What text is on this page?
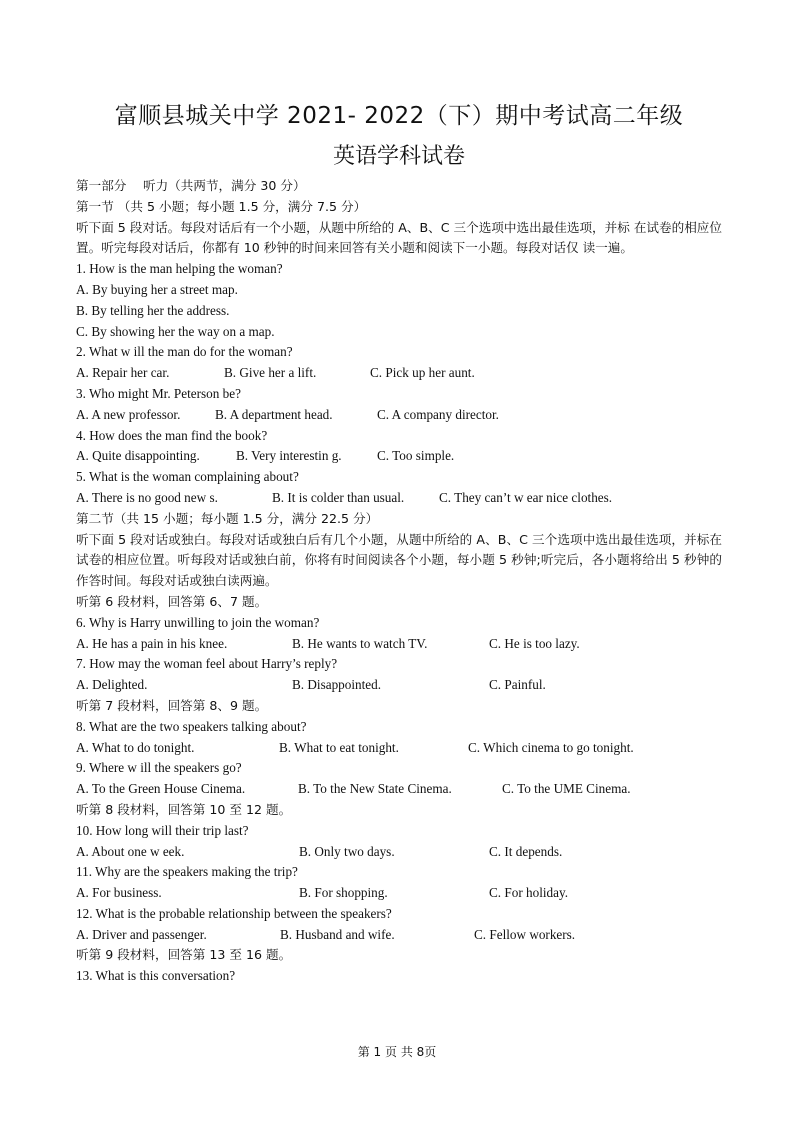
富顺县城关中学 2021- 2022（下）期中考试高二年级
英语学科试卷
第一部分　 听力（共两节，满分 30 分）
第一节 （共 5 小题；每小题 1.5 分，满分 7.5 分）
听下面 5 段对话。每段对话后有一个小题，从题中所给的 A、B、C 三个选项中选出最佳选项，并标 在试卷的相应位置。听完每段对话后，你都有 10 秒钟的时间来回答有关小题和阅读下一小题。每段对话仅 读一遍。
1. How is the man helping the woman?
A. By buying her a street map.
B. By telling her the address.
C. By showing her the way on a map.
2. What w ill the man do for the woman?
A. Repair her car.	B. Give her a lift.	C. Pick up her aunt.
3. Who might Mr. Peterson be?
A. A new professor.	B. A department head.	C. A company director.
4. How does the man find the book?
A. Quite disappointing.	B. Very interestin g.	C. Too simple.
5. What is the woman complaining about?
A. There is no good new s.	B. It is colder than usual.	C. They can’t w ear nice clothes.
第二节（共 15 小题；每小题 1.5 分，满分 22.5 分）
听下面 5 段对话或独白。每段对话或独白后有几个小题，从题中所给的 A、B、C 三个选项中选出最佳选项，并标在试卷的相应位置。听每段对话或独白前，你将有时间阅读各个小题，每小题 5 秒钟;听完后，各小题将给出 5 秒钟的作答时间。每段对话或独白读两遍。
听第 6 段材料，回答第 6、7 题。
6. Why is Harry unwilling to join the woman?
A. He has a pain in his knee.	B. He wants to watch TV.	C. He is too lazy.
7. How may the woman feel about Harry’s reply?
A. Delighted.	B. Disappointed.	C. Painful.
听第 7 段材料，回答第 8、9 题。
8. What are the two speakers talking about?
A. What to do tonight.	B. What to eat tonight.	C. Which cinema to go tonight.
9. Where w ill the speakers go?
A. To the Green House Cinema.	B. To the New State Cinema.	C. To the UME Cinema.
听第 8 段材料，回答第 10 至 12 题。
10. How long will their trip last?
A. About one w eek.	B. Only two days.	C. It depends.
11. Why are the speakers making the trip?
A. For business.	B. For shopping.	C. For holiday.
12. What is the probable relationship between the speakers?
A. Driver and passenger.	B. Husband and wife.	C. Fellow workers.
听第 9 段材料，回答第 13 至 16 题。
13. What is this conversation?
第 1 页 共 8页
